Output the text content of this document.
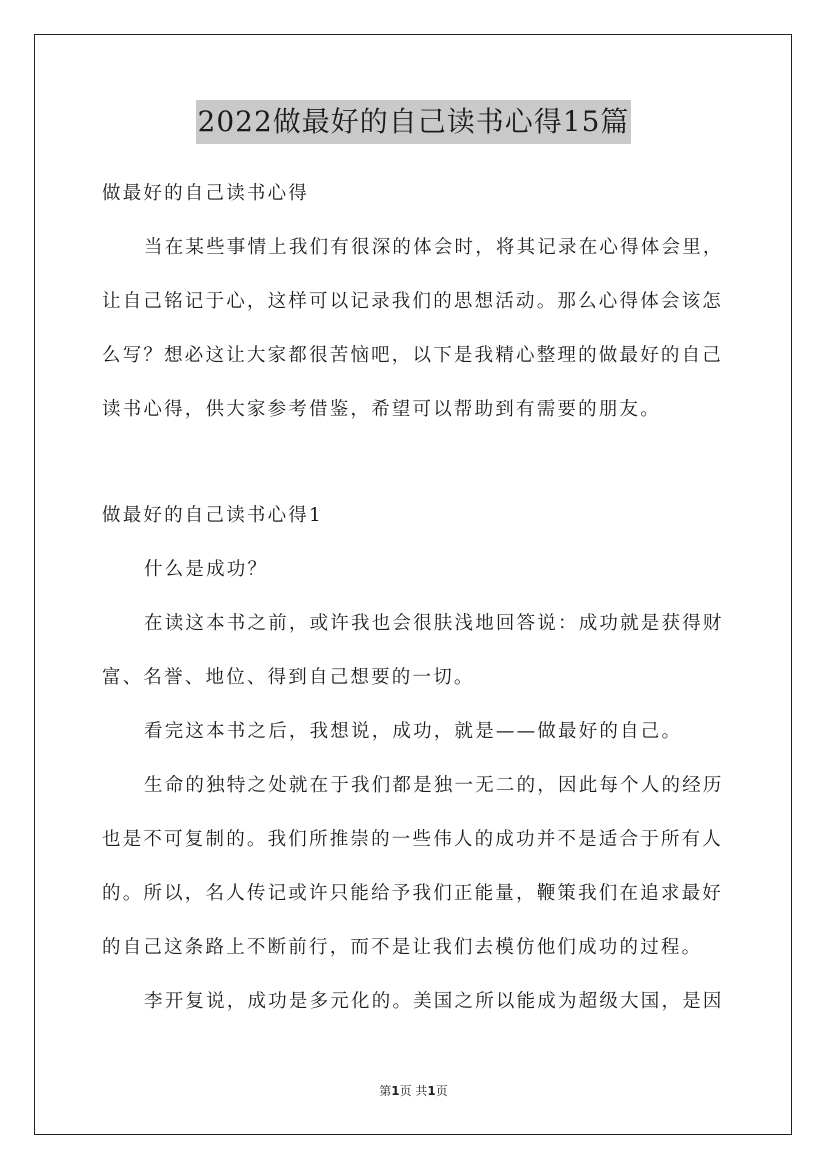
2022做最好的自己读书心得15篇
做最好的自己读书心得
当在某些事情上我们有很深的体会时，将其记录在心得体会里，
让自己铭记于心，这样可以记录我们的思想活动。那么心得体会该怎
么写？想必这让大家都很苦恼吧，以下是我精心整理的做最好的自己
读书心得，供大家参考借鉴，希望可以帮助到有需要的朋友。
做最好的自己读书心得1
什么是成功？
在读这本书之前，或许我也会很肤浅地回答说：成功就是获得财
富、名誉、地位、得到自己想要的一切。
看完这本书之后，我想说，成功，就是——做最好的自己。
生命的独特之处就在于我们都是独一无二的，因此每个人的经历
也是不可复制的。我们所推崇的一些伟人的成功并不是适合于所有人
的。所以，名人传记或许只能给予我们正能量，鞭策我们在追求最好
的自己这条路上不断前行，而不是让我们去模仿他们成功的过程。
李开复说，成功是多元化的。美国之所以能成为超级大国，是因
第1页 共1页
